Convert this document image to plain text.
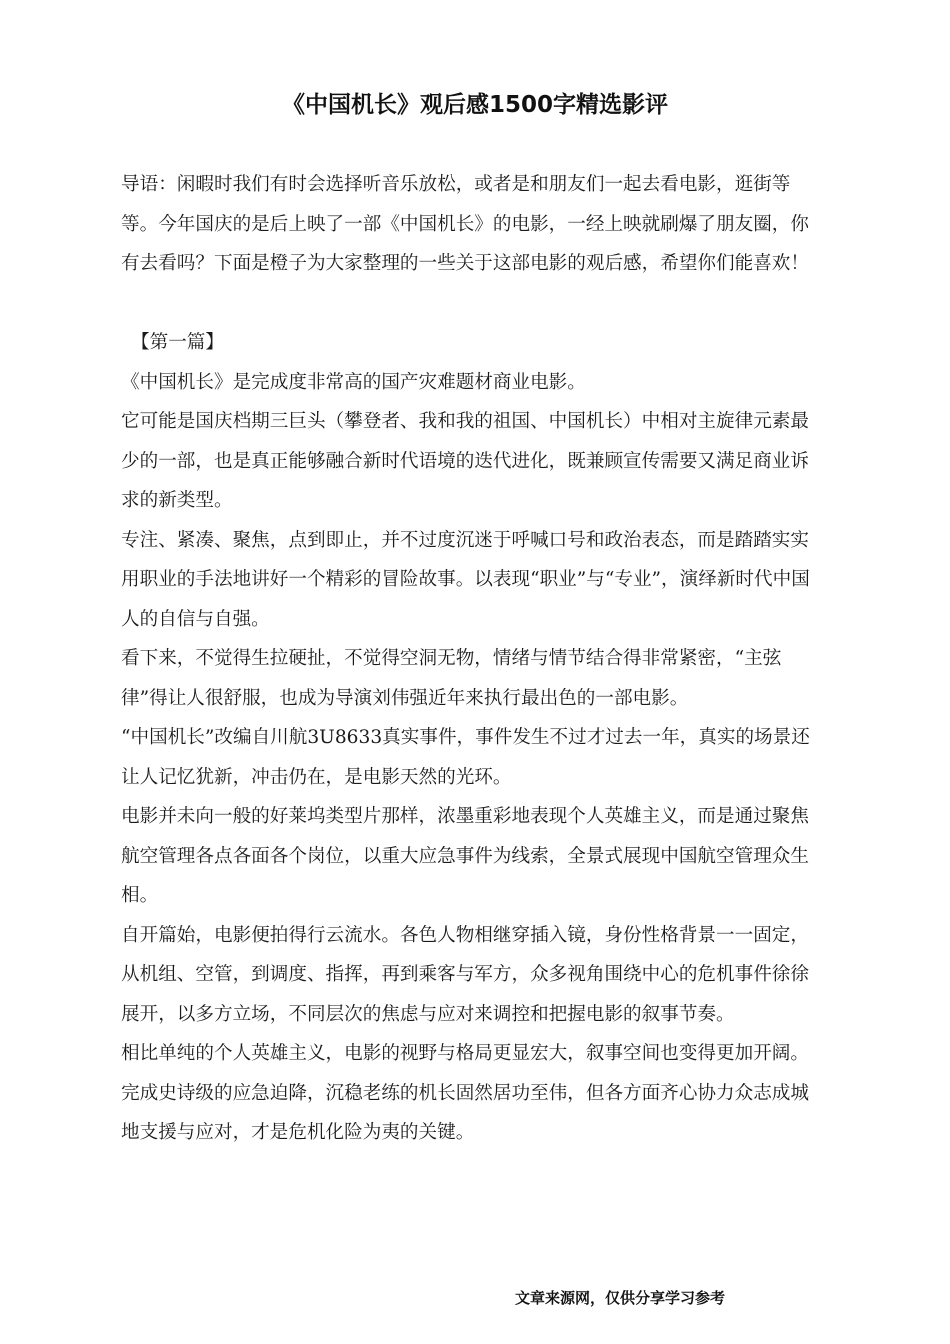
《中国机长》观后感1500字精选影评

导语：闲暇时我们有时会选择听音乐放松，或者是和朋友们一起去看电影，逛街等等。今年国庆的是后上映了一部《中国机长》的电影，一经上映就刷爆了朋友圈，你有去看吗？下面是橙子为大家整理的一些关于这部电影的观后感，希望你们能喜欢！

【第一篇】

《中国机长》是完成度非常高的国产灾难题材商业电影。

它可能是国庆档期三巨头（攀登者、我和我的祖国、中国机长）中相对主旋律元素最少的一部，也是真正能够融合新时代语境的迭代进化，既兼顾宣传需要又满足商业诉求的新类型。

专注、紧凑、聚焦，点到即止，并不过度沉迷于呼喊口号和政治表态，而是踏踏实实用职业的手法地讲好一个精彩的冒险故事。以表现“职业”与“专业”，演绎新时代中国人的自信与自强。

看下来，不觉得生拉硬扯，不觉得空洞无物，情绪与情节结合得非常紧密，“主弦律”得让人很舒服，也成为导演刘伟强近年来执行最出色的一部电影。

“中国机长”改编自川航3U8633真实事件，事件发生不过才过去一年，真实的场景还让人记忆犹新，冲击仍在，是电影天然的光环。

电影并未向一般的好莱坞类型片那样，浓墨重彩地表现个人英雄主义，而是通过聚焦航空管理各点各面各个岗位，以重大应急事件为线索，全景式展现中国航空管理众生相。

自开篇始，电影便拍得行云流水。各色人物相继穿插入镜，身份性格背景一一固定，从机组、空管，到调度、指挥，再到乘客与军方，众多视角围绕中心的危机事件徐徐展开，以多方立场，不同层次的焦虑与应对来调控和把握电影的叙事节奏。

相比单纯的个人英雄主义，电影的视野与格局更显宏大，叙事空间也变得更加开阔。

完成史诗级的应急迫降，沉稳老练的机长固然居功至伟，但各方面齐心协力众志成城地支援与应对，才是危机化险为夷的关键。

文章来源网，仅供分享学习参考
